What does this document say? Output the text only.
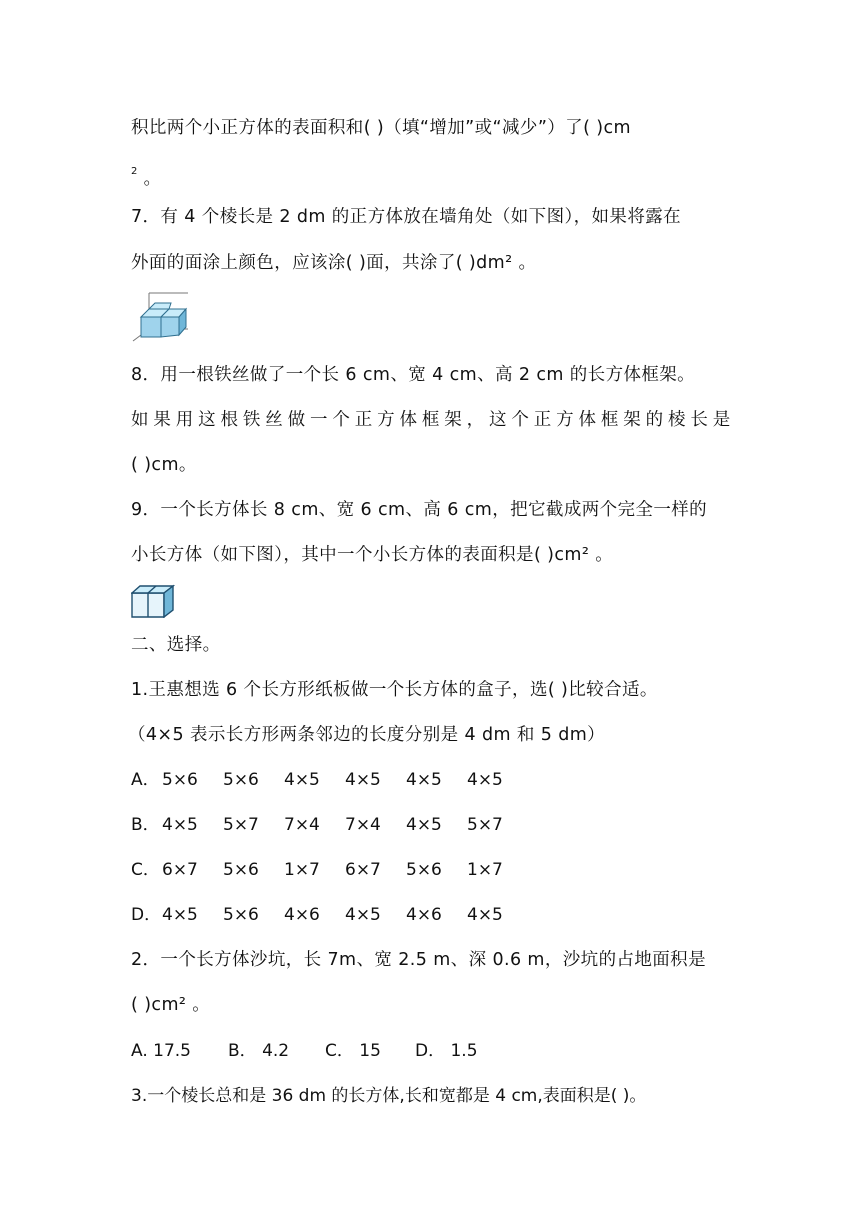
积比两个小正方体的表面积和( )（填“增加”或“减少”）了( )cm
$^2$ 。
7．有 4 个棱长是 2 dm 的正方体放在墙角处（如下图），如果将露在
外面的面涂上颜色，应该涂( )面，共涂了( )dm² 。
8．用一根铁丝做了一个长 6 cm、宽 4 cm、高 2 cm 的长方体框架。
如 果 用 这 根 铁 丝 做 一 个 正 方 体 框 架 ， 这 个 正 方 体 框 架 的 棱 长 是
( )cm。
9．一个长方体长 8 cm、宽 6 cm、高 6 cm，把它截成两个完全一样的
小长方体（如下图），其中一个小长方体的表面积是( )cm² 。
二、选择。
1.王惠想选 6 个长方形纸板做一个长方体的盒子，选( )比较合适。
（4×5 表示长方形两条邻边的长度分别是 4 dm 和 5 dm）
A． 5×6 5×6 4×5 4×5 4×5 4×5
B． 4×5 5×7 7×4 7×4 4×5 5×7
C． 6×7 5×6 1×7 6×7 5×6 1×7
D． 4×5 5×6 4×6 4×5 4×6 4×5
2．一个长方体沙坑，长 7m、宽 2.5 m、深 0.6 m，沙坑的占地面积是
( )cm² 。
A. 17.5 B． 4.2 C． 15 D． 1.5
3.一个棱长总和是 36 dm 的长方体,长和宽都是 4 cm,表面积是( )。
